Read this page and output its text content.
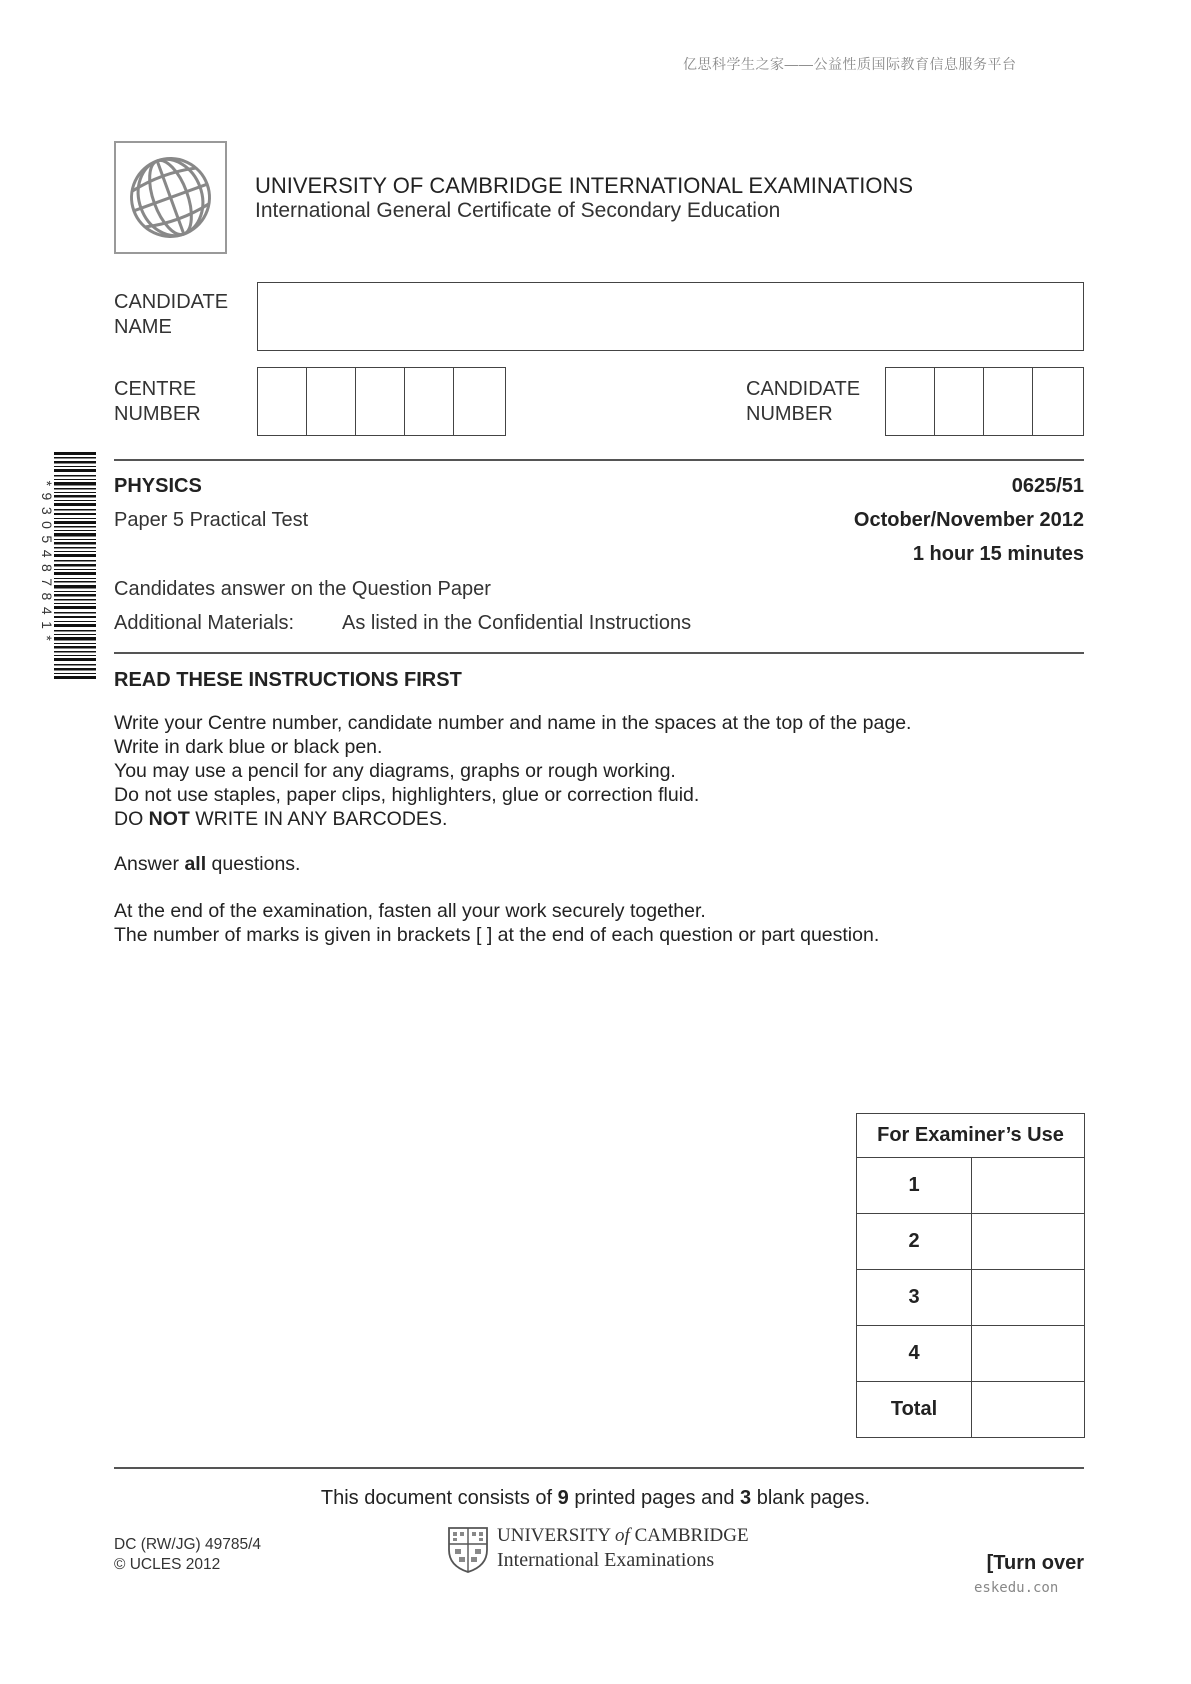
亿思科学生之家——公益性质国际教育信息服务平台
UNIVERSITY OF CAMBRIDGE INTERNATIONAL EXAMINATIONS
International General Certificate of Secondary Education
CANDIDATE
NAME
CENTRE
NUMBER
CANDIDATE
NUMBER
*9305487841*	PHYSICS	0625/51
Paper 5 Practical Test	October/November 2012
1 hour 15 minutes
Candidates answer on the Question Paper
Additional Materials: As listed in the Confidential Instructions
READ THESE INSTRUCTIONS FIRST
Write your Centre number, candidate number and name in the spaces at the top of the page.
Write in dark blue or black pen.
You may use a pencil for any diagrams, graphs or rough working.
Do not use staples, paper clips, highlighters, glue or correction fluid.
DO NOT WRITE IN ANY BARCODES.
Answer all questions.
At the end of the examination, fasten all your work securely together.
The number of marks is given in brackets [ ] at the end of each question or part question.
For Examiner’s Use	
1	
2	
3	
4	
Total	
This document consists of 9 printed pages and 3 blank pages.
DC (RW/JG) 49785/4
© UCLES 2012
UNIVERSITY of CAMBRIDGE
International Examinations	[Turn over
eskedu.con
